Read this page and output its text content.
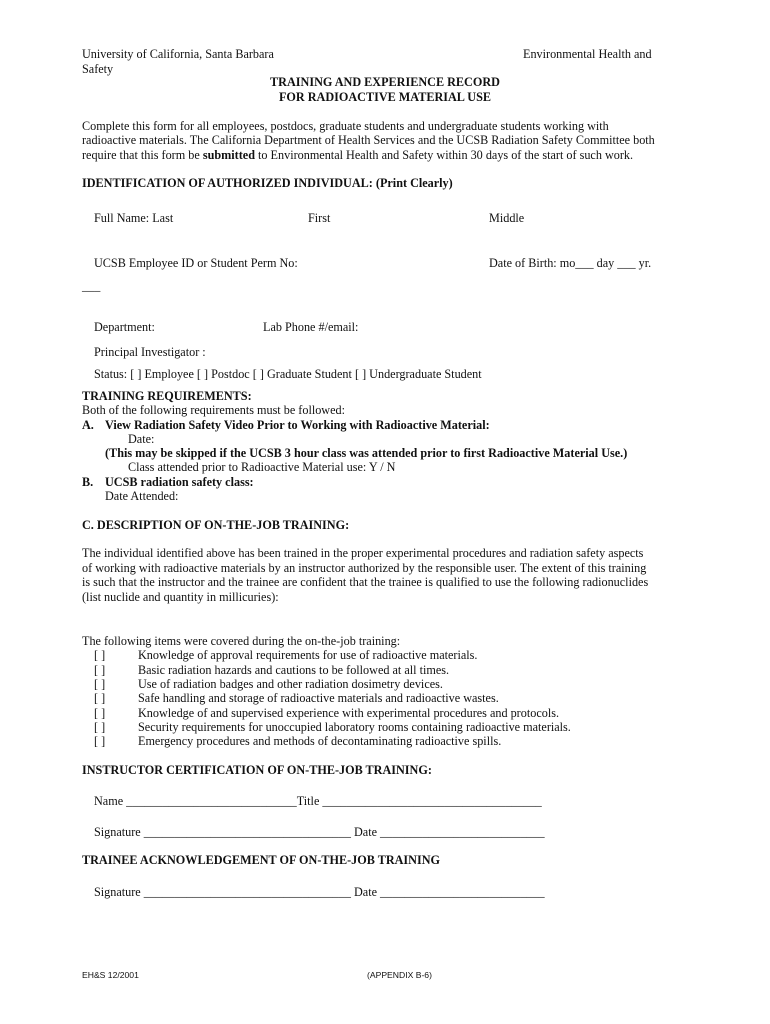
University of California, Santa Barbara	Environmental Health and
Safety
TRAINING AND EXPERIENCE RECORD
FOR RADIOACTIVE MATERIAL USE
Complete this form for all employees, postdocs, graduate students and undergraduate students working with
radioactive materials. The California Department of Health Services and the UCSB Radiation Safety Committee both
require that this form be submitted to Environmental Health and Safety within 30 days of the start of such work.
IDENTIFICATION OF AUTHORIZED INDIVIDUAL: (Print Clearly)
Full Name: Last	First	Middle
UCSB Employee ID or Student Perm No:	Date of Birth: mo___ day ___ yr.
___
Department:	Lab Phone #/email:
Principal Investigator :
Status: [ ] Employee [ ] Postdoc [ ] Graduate Student [ ] Undergraduate Student
TRAINING REQUIREMENTS:
Both of the following requirements must be followed:
A. View Radiation Safety Video Prior to Working with Radioactive Material:
Date:
(This may be skipped if the UCSB 3 hour class was attended prior to first Radioactive Material Use.)
Class attended prior to Radioactive Material use: Y / N
B. UCSB radiation safety class:
Date Attended:
C. DESCRIPTION OF ON-THE-JOB TRAINING:
The individual identified above has been trained in the proper experimental procedures and radiation safety aspects
of working with radioactive materials by an instructor authorized by the responsible user. The extent of this training
is such that the instructor and the trainee are confident that the trainee is qualified to use the following radionuclides
(list nuclide and quantity in millicuries):
The following items were covered during the on-the-job training:
[ ]	Knowledge of approval requirements for use of radioactive materials.
[ ]	Basic radiation hazards and cautions to be followed at all times.
[ ]	Use of radiation badges and other radiation dosimetry devices.
[ ]	Safe handling and storage of radioactive materials and radioactive wastes.
[ ]	Knowledge of and supervised experience with experimental procedures and protocols.
[ ]	Security requirements for unoccupied laboratory rooms containing radioactive materials.
[ ]	Emergency procedures and methods of decontaminating radioactive spills.
INSTRUCTOR CERTIFICATION OF ON-THE-JOB TRAINING:
Name ____________________________Title ____________________________________
Signature __________________________________ Date ___________________________
TRAINEE ACKNOWLEDGEMENT OF ON-THE-JOB TRAINING
Signature __________________________________ Date ___________________________
EH&S 12/2001	(APPENDIX B-6)
